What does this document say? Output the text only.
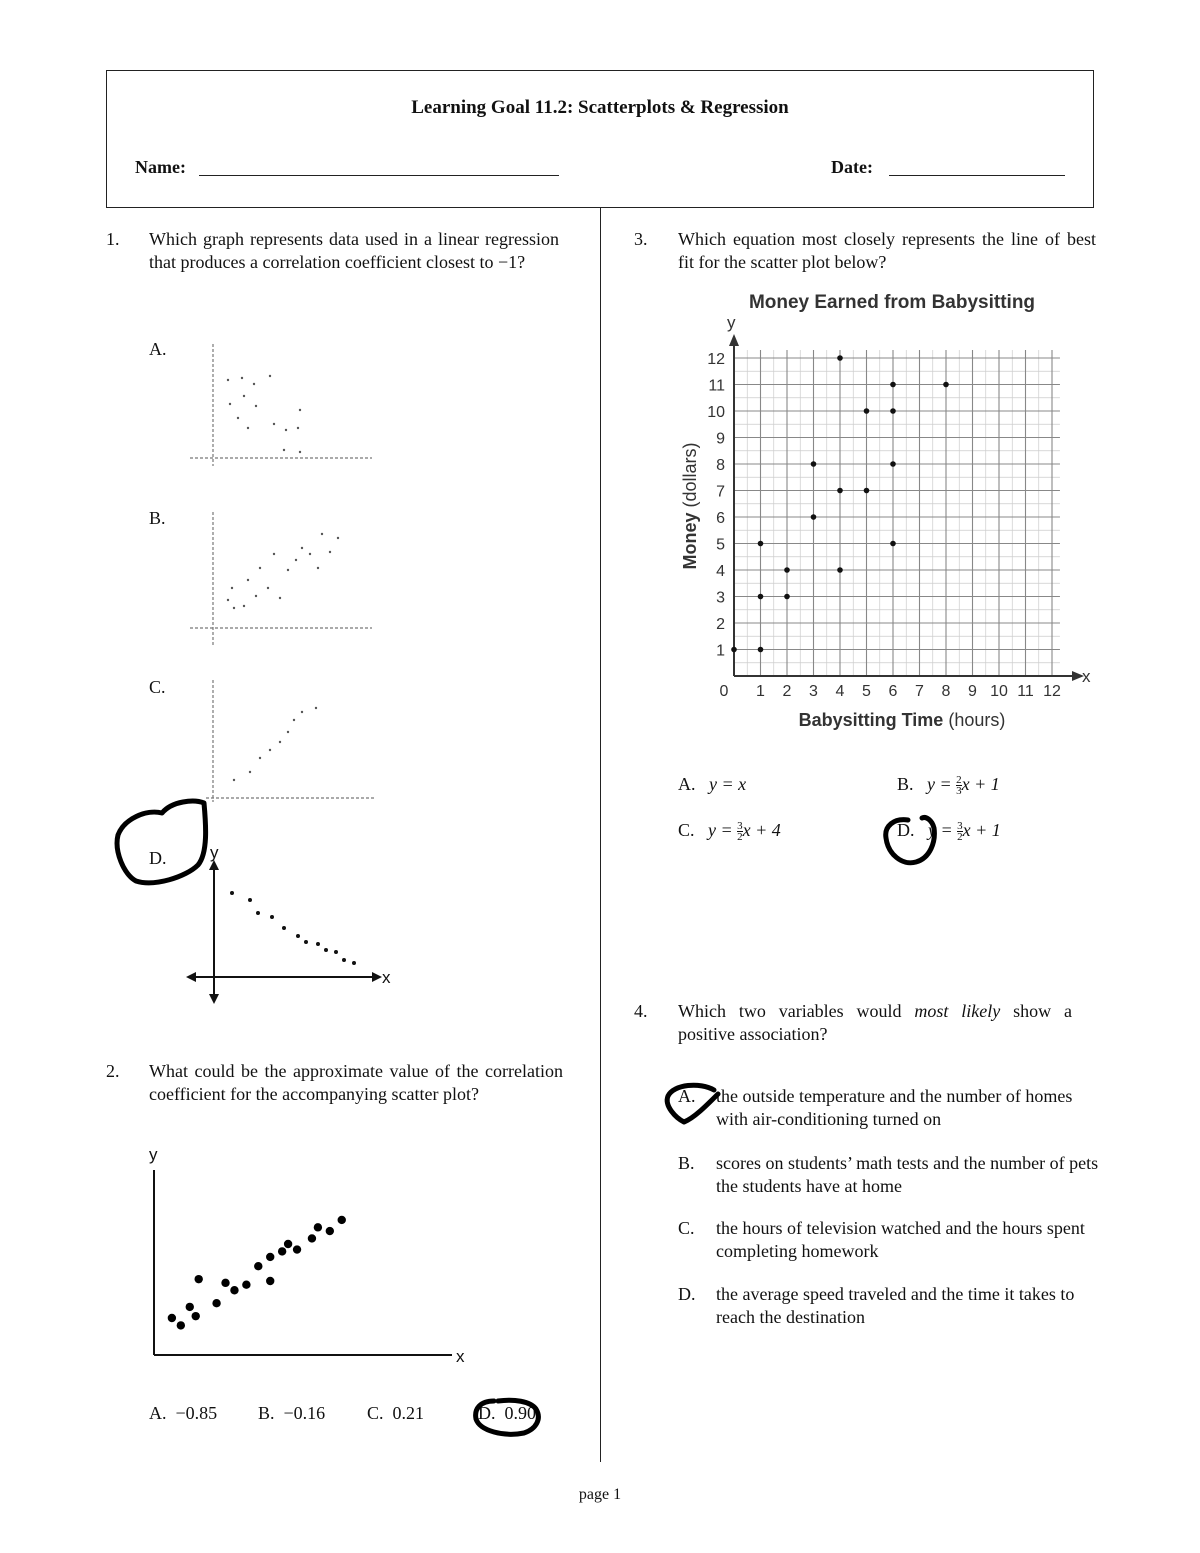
Learning Goal 11.2: Scatterplots & Regression
Name:	Date:
1. Which graph represents data used in a linear regression that produces a correlation coefficient closest to −1?
A.
B.
C.
D.
x
y
2. What could be the approximate value of the correlation coefficient for the accompanying scatter plot?
x
y
A. −0.85 B. −0.16 C. 0.21	D. 0.90
3. Which equation most closely represents the line of best fit for the scatter plot below?
Money Earned from Babysitting
0 1 2 3 4 5 6 7 8 9 10 11 12
1
2
3
4
5
6
7
8
9
10
11
12
x
y
Babysitting Time (hours)
Money (dollars)
A. y = x	B. $y = \frac{2}{3}$ x + 1
C. $y = \frac{3}{2}$ x + 4	D. $y = \frac{3}{2}$ x + 1
4. Which two variables would most likely show a positive association?
A. the outside temperature and the number of homes with air-conditioning turned on
B. scores on students’ math tests and the number of pets the students have at home
C. the hours of television watched and the hours spent completing homework
D. the average speed traveled and the time it takes to reach the destination
page 1
